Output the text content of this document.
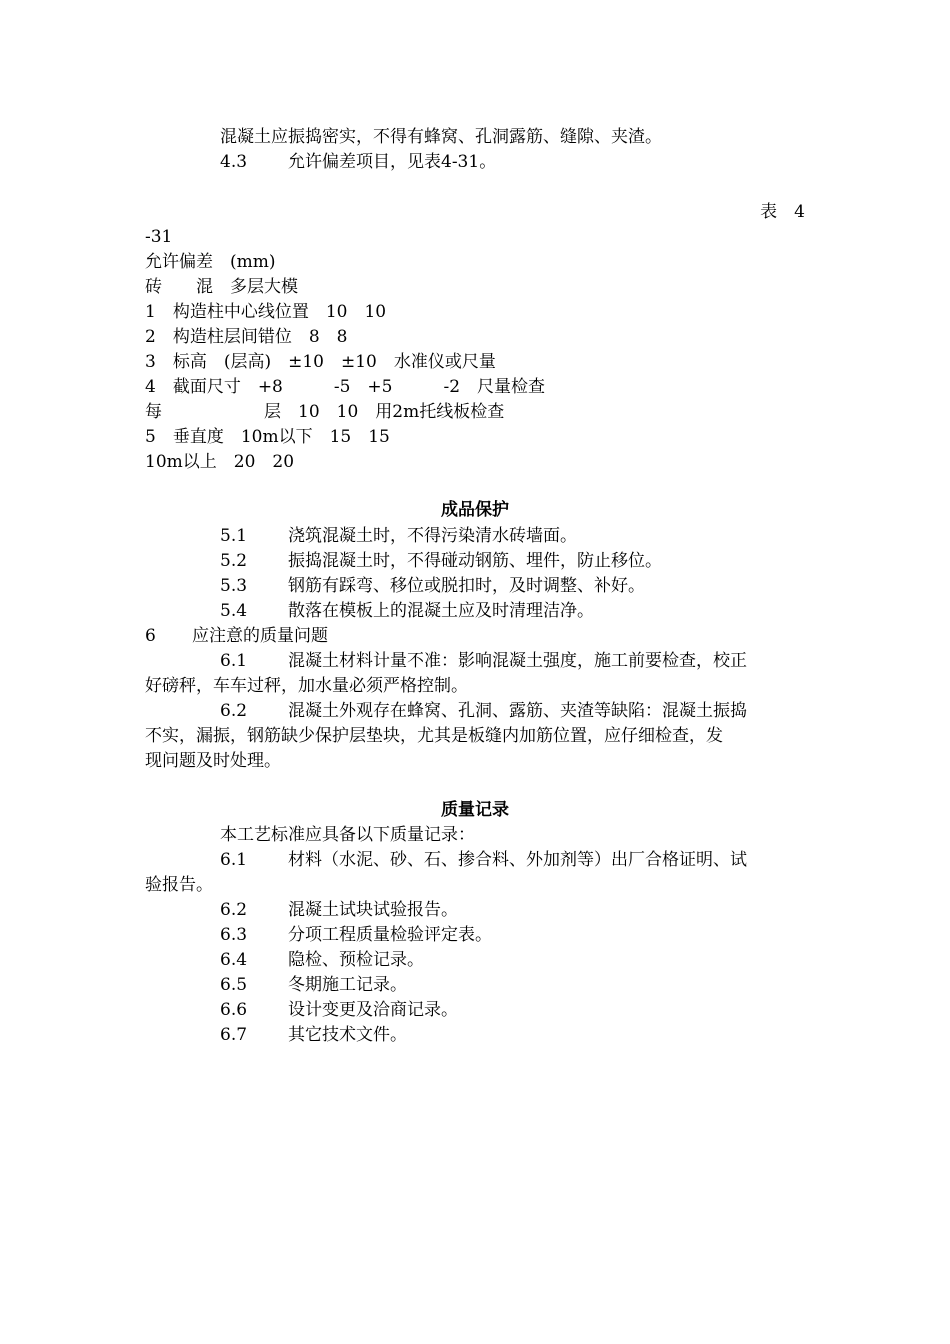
混凝土应振捣密实，不得有蜂窝、孔洞露筋、缝隙、夹渣。
4.3 允许偏差项目，见表4-31。
表　4
-31
允许偏差　(mm)
砖　　混　多层大模
1　构造柱中心线位置　10　10
2　构造柱层间错位　8　8
3　标高　(层高)　±10　±10　水准仪或尺量
4　截面尺寸　+8　　　-5　+5　　　-2　尺量检查
每　　　　　　层　10　10　用2m托线板检查
5　垂直度　10m以下　15　15
10m以上　20　20
成品保护
5.1 浇筑混凝土时，不得污染清水砖墙面。
5.2 振捣混凝土时，不得碰动钢筋、埋件，防止移位。
5.3 钢筋有踩弯、移位或脱扣时，及时调整、补好。
5.4 散落在模板上的混凝土应及时清理洁净。
6 应注意的质量问题
6.1 混凝土材料计量不准：影响混凝土强度，施工前要检查，校正
好磅秤，车车过秤，加水量必须严格控制。
6.2 混凝土外观存在蜂窝、孔洞、露筋、夹渣等缺陷：混凝土振捣
不实，漏振，钢筋缺少保护层垫块，尤其是板缝内加筋位置，应仔细检查，发
现问题及时处理。
质量记录
本工艺标准应具备以下质量记录：
6.1 材料（水泥、砂、石、掺合料、外加剂等）出厂合格证明、试
验报告。
6.2 混凝土试块试验报告。
6.3 分项工程质量检验评定表。
6.4 隐检、预检记录。
6.5 冬期施工记录。
6.6 设计变更及洽商记录。
6.7 其它技术文件。
